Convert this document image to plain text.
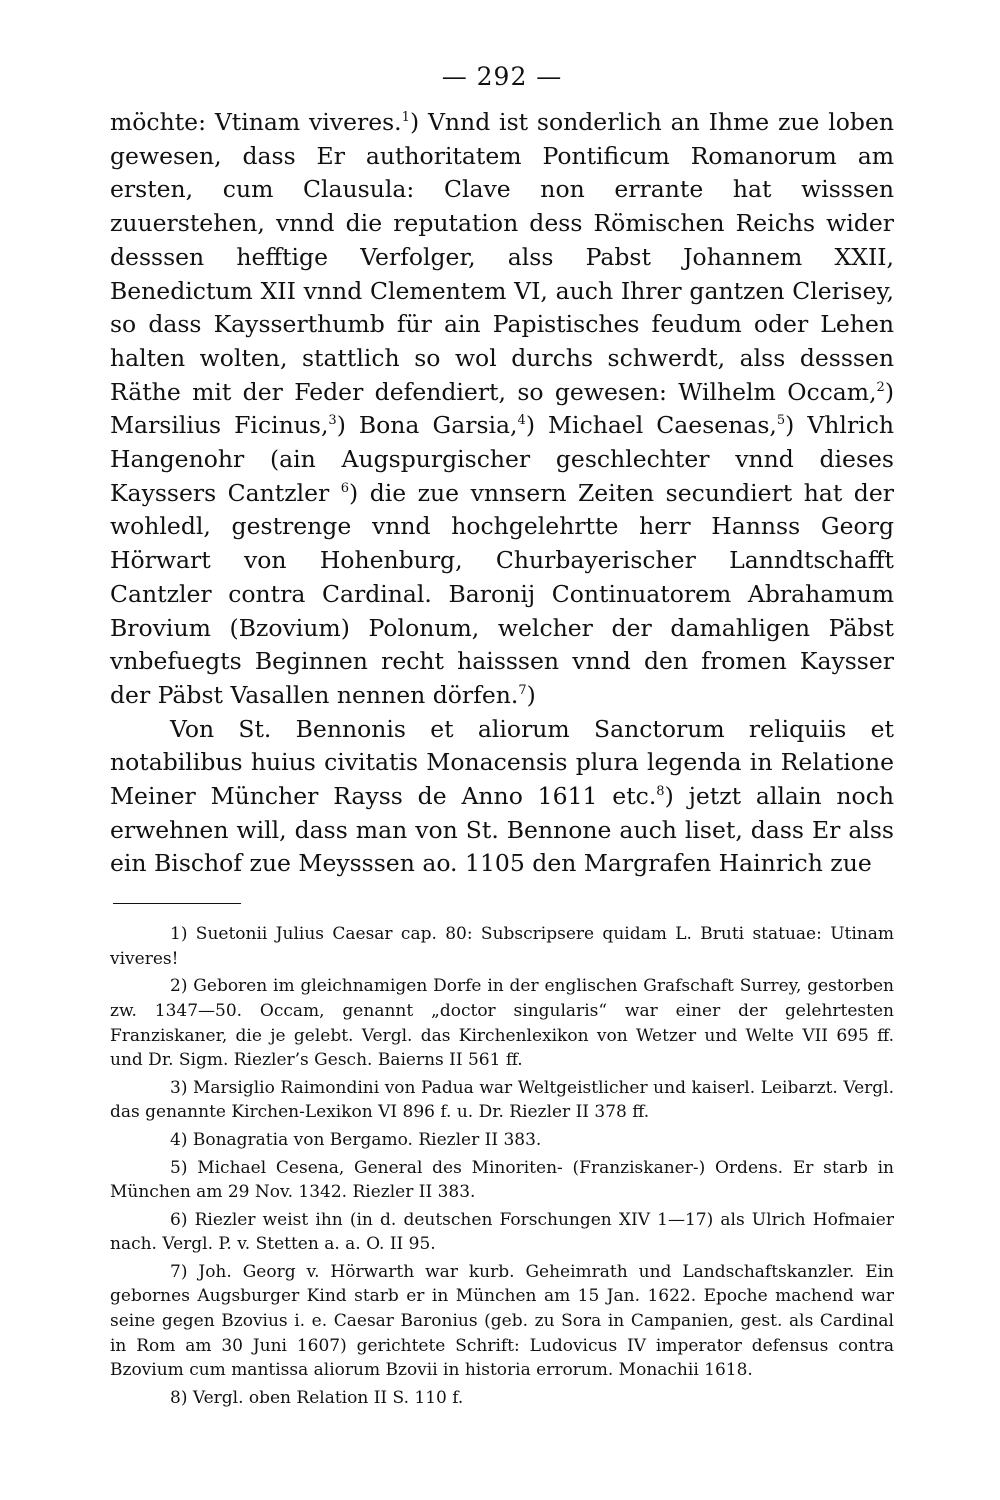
— 292 —

möchte: Vtinam viveres.$^1$) Vnnd ist sonderlich an Ihme zue loben gewesen, dass Er authoritatem Pontificum Romanorum am ersten, cum Clausula: Clave non errante hat wisssen zuuerstehen, vnnd die reputation dess Römischen Reichs wider desssen hefftige Verfolger, alss Pabst Johannem XXII, Benedictum XII vnnd Clementem VI, auch Ihrer gantzen Clerisey, so dass Kaysserthumb für ain Papistisches feudum oder Lehen halten wolten, stattlich so wol durchs schwerdt, alss desssen Räthe mit der Feder defendiert, so gewesen: Wilhelm Occam,$^2$) Marsilius Ficinus,$^3$) Bona Garsia,$^4$) Michael Caesenas,$^5$) Vhlrich Hangenohr (ain Augspurgischer geschlechter vnnd dieses Kayssers Cantzler $^6$) die zue vnnsern Zeiten secundiert hat der wohledl, gestrenge vnnd hochgelehrtte herr Hannss Georg Hörwart von Hohenburg, Churbayerischer Lanndtschafft Cantzler contra Cardinal. Baronij Continuatorem Abrahamum Brovium (Bzovium) Polonum, welcher der damahligen Päbst vnbefuegts Beginnen recht haisssen vnnd den fromen Kaysser der Päbst Vasallen nennen dörfen.$^7$)

Von St. Bennonis et aliorum Sanctorum reliquiis et notabilibus huius civitatis Monacensis plura legenda in Relatione Meiner Müncher Rayss de Anno 1611 etc.$^8$) jetzt allain noch erwehnen will, dass man von St. Bennone auch liset, dass Er alss ein Bischof zue Meysssen ao. 1105 den Margrafen Hainrich zue

1) Suetonii Julius Caesar cap. 80: Subscripsere quidam L. Bruti statuae: Utinam viveres!

2) Geboren im gleichnamigen Dorfe in der englischen Grafschaft Surrey, gestorben zw. 1347—50. Occam, genannt „doctor singularis“ war einer der gelehrtesten Franziskaner, die je gelebt. Vergl. das Kirchenlexikon von Wetzer und Welte VII 695 ff. und Dr. Sigm. Riezler’s Gesch. Baierns II 561 ff.

3) Marsiglio Raimondini von Padua war Weltgeistlicher und kaiserl. Leibarzt. Vergl. das genannte Kirchen-Lexikon VI 896 f. u. Dr. Riezler II 378 ff.

4) Bonagratia von Bergamo. Riezler II 383.

5) Michael Cesena, General des Minoriten- (Franziskaner-) Ordens. Er starb in München am 29 Nov. 1342. Riezler II 383.

6) Riezler weist ihn (in d. deutschen Forschungen XIV 1—17) als Ulrich Hofmaier nach. Vergl. P. v. Stetten a. a. O. II 95.

7) Joh. Georg v. Hörwarth war kurb. Geheimrath und Landschaftskanzler. Ein gebornes Augsburger Kind starb er in München am 15 Jan. 1622. Epoche machend war seine gegen Bzovius i. e. Caesar Baronius (geb. zu Sora in Campanien, gest. als Cardinal in Rom am 30 Juni 1607) gerichtete Schrift: Ludovicus IV imperator defensus contra Bzovium cum mantissa aliorum Bzovii in historia errorum. Monachii 1618.

8) Vergl. oben Relation II S. 110 f.
